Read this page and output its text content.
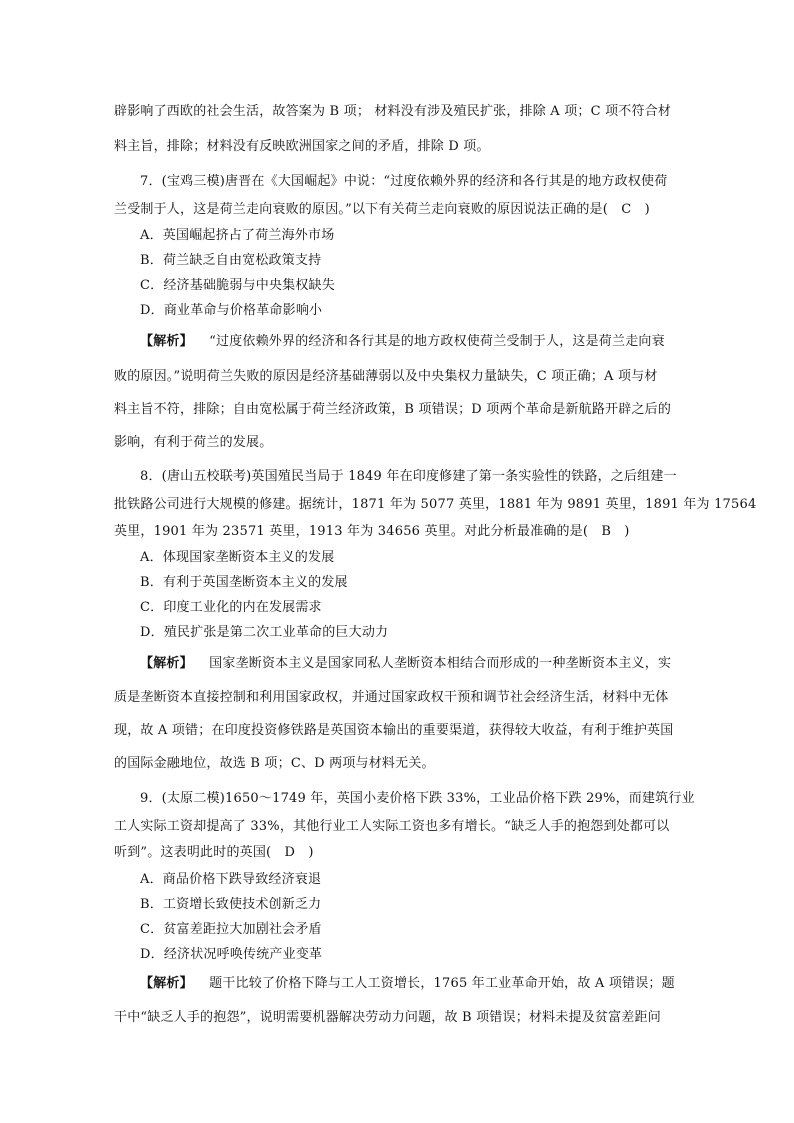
辟影响了西欧的社会生活，故答案为 B 项； 材料没有涉及殖民扩张，排除 A 项；C 项不符合材
料主旨，排除；材料没有反映欧洲国家之间的矛盾，排除 D 项。
7．(宝鸡三模)唐晋在《大国崛起》中说：“过度依赖外界的经济和各行其是的地方政权使荷
兰受制于人，这是荷兰走向衰败的原因。”以下有关荷兰走向衰败的原因说法正确的是(　C　)
A．英国崛起挤占了荷兰海外市场
B．荷兰缺乏自由宽松政策支持
C．经济基础脆弱与中央集权缺失
D．商业革命与价格革命影响小
【解析】 “过度依赖外界的经济和各行其是的地方政权使荷兰受制于人，这是荷兰走向衰
败的原因。”说明荷兰失败的原因是经济基础薄弱以及中央集权力量缺失，C 项正确；A 项与材
料主旨不符，排除；自由宽松属于荷兰经济政策，B 项错误；D 项两个革命是新航路开辟之后的
影响，有利于荷兰的发展。
8．(唐山五校联考)英国殖民当局于 1849 年在印度修建了第一条实验性的铁路，之后组建一
批铁路公司进行大规模的修建。据统计，1871 年为 5077 英里，1881 年为 9891 英里，1891 年为 17564
英里，1901 年为 23571 英里，1913 年为 34656 英里。对此分析最准确的是(　B　)
A．体现国家垄断资本主义的发展
B．有利于英国垄断资本主义的发展
C．印度工业化的内在发展需求
D．殖民扩张是第二次工业革命的巨大动力
【解析】 国家垄断资本主义是国家同私人垄断资本相结合而形成的一种垄断资本主义，实
质是垄断资本直接控制和利用国家政权，并通过国家政权干预和调节社会经济生活，材料中无体
现，故 A 项错；在印度投资修铁路是英国资本输出的重要渠道，获得较大收益，有利于维护英国
的国际金融地位，故选 B 项；C、D 两项与材料无关。
9．(太原二模)1650～1749 年，英国小麦价格下跌 33%，工业品价格下跌 29%，而建筑行业
工人实际工资却提高了 33%，其他行业工人实际工资也多有增长。“缺乏人手的抱怨到处都可以
听到”。这表明此时的英国(　D　)
A．商品价格下跌导致经济衰退
B．工资增长致使技术创新乏力
C．贫富差距拉大加剧社会矛盾
D．经济状况呼唤传统产业变革
【解析】 题干比较了价格下降与工人工资增长，1765 年工业革命开始，故 A 项错误；题
干中“缺乏人手的抱怨”，说明需要机器解决劳动力问题，故 B 项错误；材料未提及贫富差距问
